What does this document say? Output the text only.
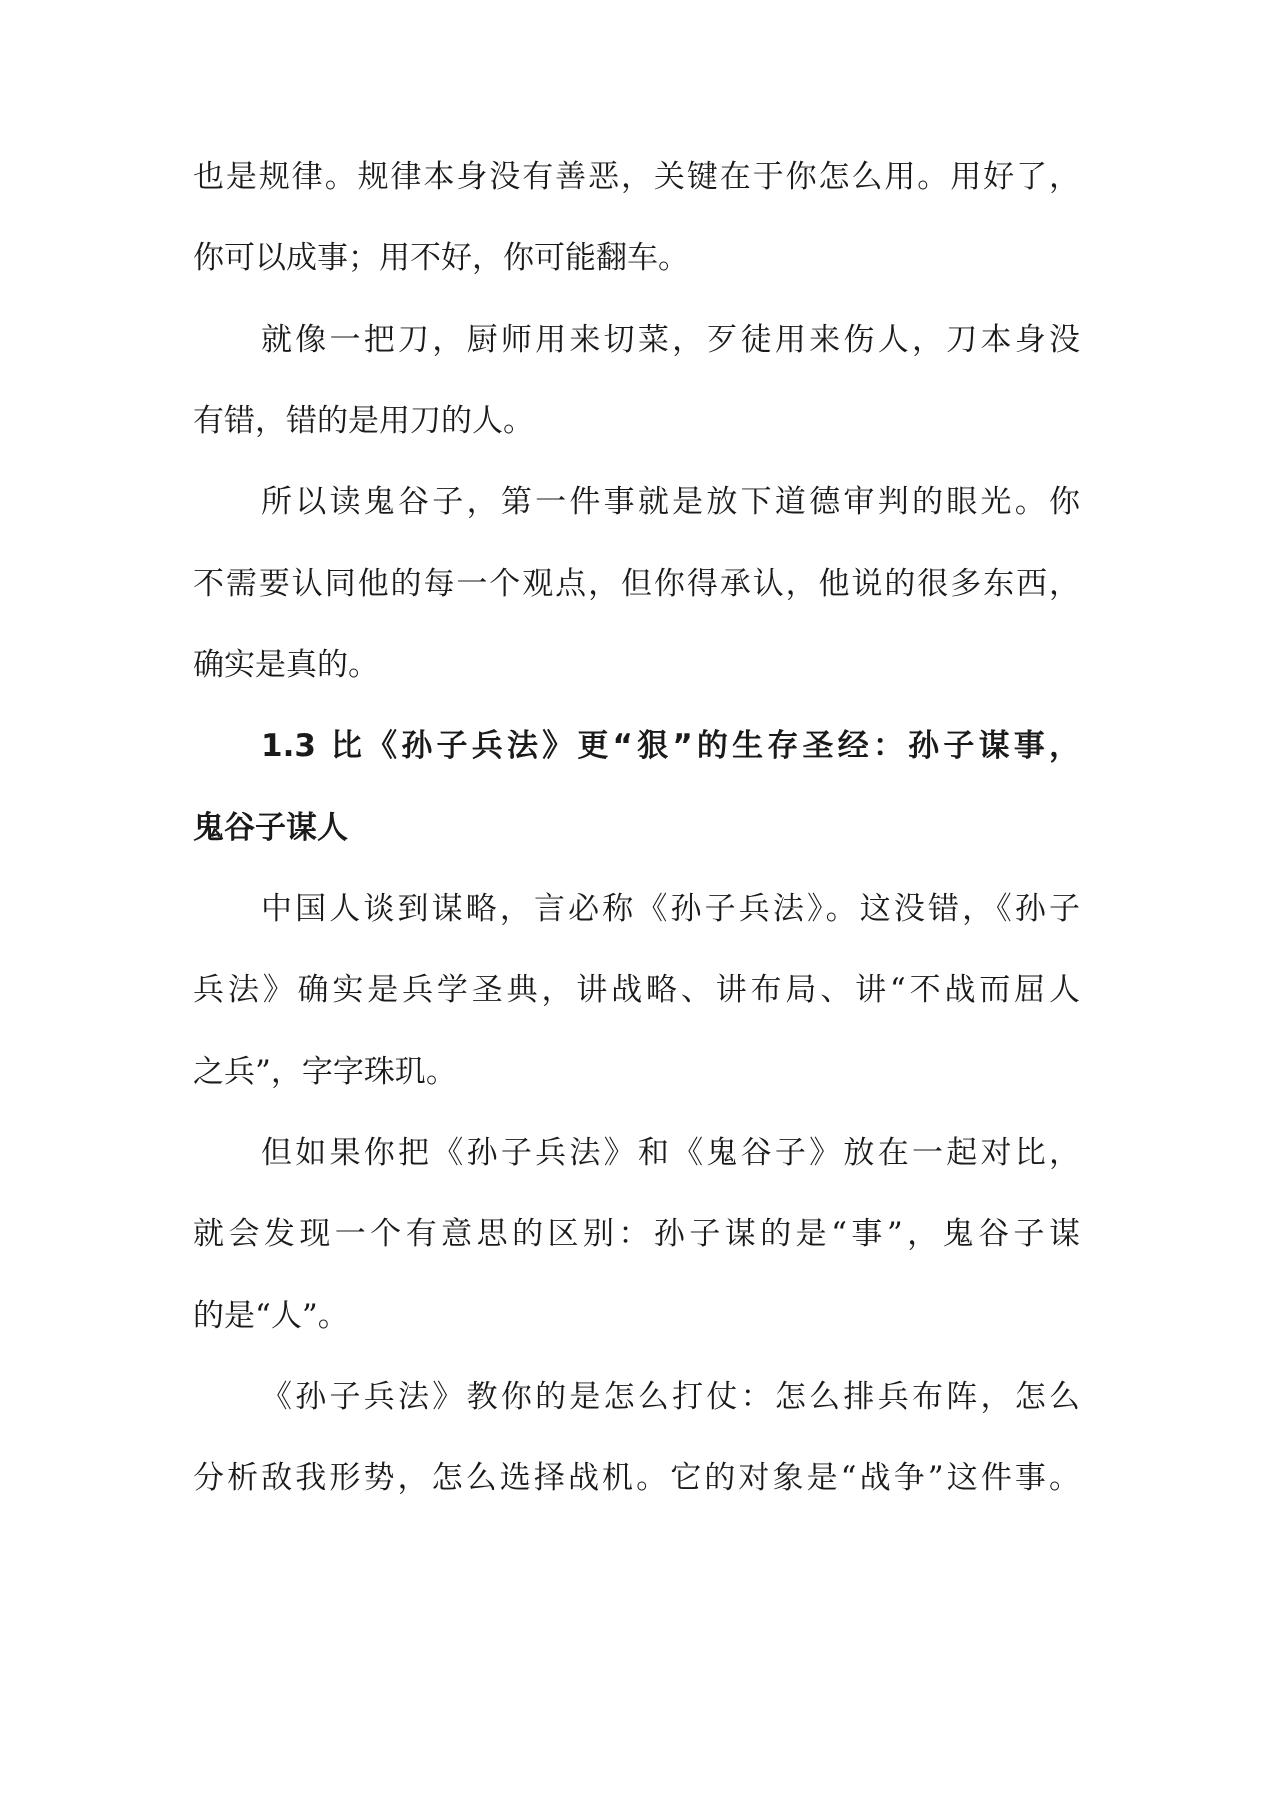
也是规律。规律本身没有善恶，关键在于你怎么用。用好了，
你可以成事；用不好，你可能翻车。
就像一把刀，厨师用来切菜，歹徒用来伤人，刀本身没
有错，错的是用刀的人。
所以读鬼谷子，第一件事就是放下道德审判的眼光。你
不需要认同他的每一个观点，但你得承认，他说的很多东西，
确实是真的。
1.3 比《孙子兵法》更“狠”的生存圣经：孙子谋事，
鬼谷子谋人
中国人谈到谋略，言必称《孙子兵法》。这没错，《孙子
兵法》确实是兵学圣典，讲战略、讲布局、讲“不战而屈人
之兵”，字字珠玑。
但如果你把《孙子兵法》和《鬼谷子》放在一起对比，
就会发现一个有意思的区别：孙子谋的是“事”，鬼谷子谋
的是“人”。
《孙子兵法》教你的是怎么打仗：怎么排兵布阵，怎么
分析敌我形势，怎么选择战机。它的对象是“战争”这件事。
